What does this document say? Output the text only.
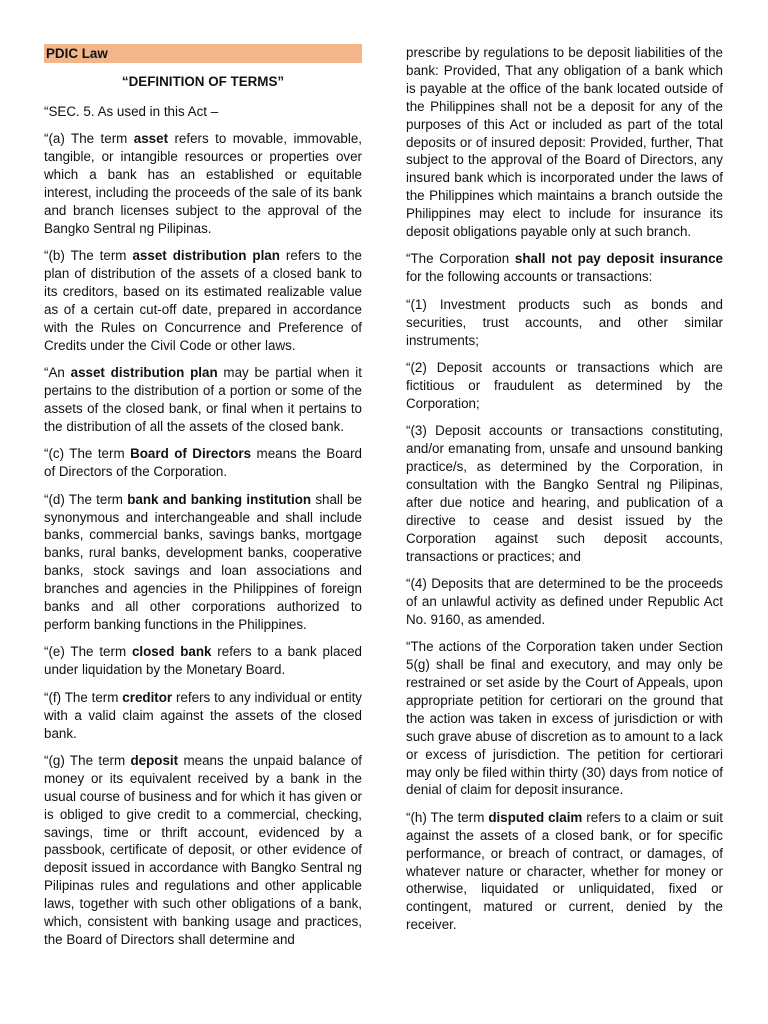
PDIC Law

“DEFINITION OF TERMS”

“SEC. 5. As used in this Act –

“(a) The term asset refers to movable, immovable, tangible, or intangible resources or properties over which a bank has an established or equitable interest, including the proceeds of the sale of its bank and branch licenses subject to the approval of the Bangko Sentral ng Pilipinas.

“(b) The term asset distribution plan refers to the plan of distribution of the assets of a closed bank to its creditors, based on its estimated realizable value as of a certain cut-off date, prepared in accordance with the Rules on Concurrence and Preference of Credits under the Civil Code or other laws.

“An asset distribution plan may be partial when it pertains to the distribution of a portion or some of the assets of the closed bank, or final when it pertains to the distribution of all the assets of the closed bank.

“(c) The term Board of Directors means the Board of Directors of the Corporation.

“(d) The term bank and banking institution shall be synonymous and interchangeable and shall include banks, commercial banks, savings banks, mortgage banks, rural banks, development banks, cooperative banks, stock savings and loan associations and branches and agencies in the Philippines of foreign banks and all other corporations authorized to perform banking functions in the Philippines.

“(e) The term closed bank refers to a bank placed under liquidation by the Monetary Board.

“(f) The term creditor refers to any individual or entity with a valid claim against the assets of the closed bank.

“(g) The term deposit means the unpaid balance of money or its equivalent received by a bank in the usual course of business and for which it has given or is obliged to give credit to a commercial, checking, savings, time or thrift account, evidenced by a passbook, certificate of deposit, or other evidence of deposit issued in accordance with Bangko Sentral ng Pilipinas rules and regulations and other applicable laws, together with such other obligations of a bank, which, consistent with banking usage and practices, the Board of Directors shall determine and

prescribe by regulations to be deposit liabilities of the bank: Provided, That any obligation of a bank which is payable at the office of the bank located outside of the Philippines shall not be a deposit for any of the purposes of this Act or included as part of the total deposits or of insured deposit: Provided, further, That subject to the approval of the Board of Directors, any insured bank which is incorporated under the laws of the Philippines which maintains a branch outside the Philippines may elect to include for insurance its deposit obligations payable only at such branch.

“The Corporation shall not pay deposit insurance for the following accounts or transactions:

“(1) Investment products such as bonds and securities, trust accounts, and other similar instruments;

“(2) Deposit accounts or transactions which are fictitious or fraudulent as determined by the Corporation;

“(3) Deposit accounts or transactions constituting, and/or emanating from, unsafe and unsound banking practice/s, as determined by the Corporation, in consultation with the Bangko Sentral ng Pilipinas, after due notice and hearing, and publication of a directive to cease and desist issued by the Corporation against such deposit accounts, transactions or practices; and

“(4) Deposits that are determined to be the proceeds of an unlawful activity as defined under Republic Act No. 9160, as amended.

“The actions of the Corporation taken under Section 5(g) shall be final and executory, and may only be restrained or set aside by the Court of Appeals, upon appropriate petition for certiorari on the ground that the action was taken in excess of jurisdiction or with such grave abuse of discretion as to amount to a lack or excess of jurisdiction. The petition for certiorari may only be filed within thirty (30) days from notice of denial of claim for deposit insurance.

“(h) The term disputed claim refers to a claim or suit against the assets of a closed bank, or for specific performance, or breach of contract, or damages, of whatever nature or character, whether for money or otherwise, liquidated or unliquidated, fixed or contingent, matured or current, denied by the receiver.
